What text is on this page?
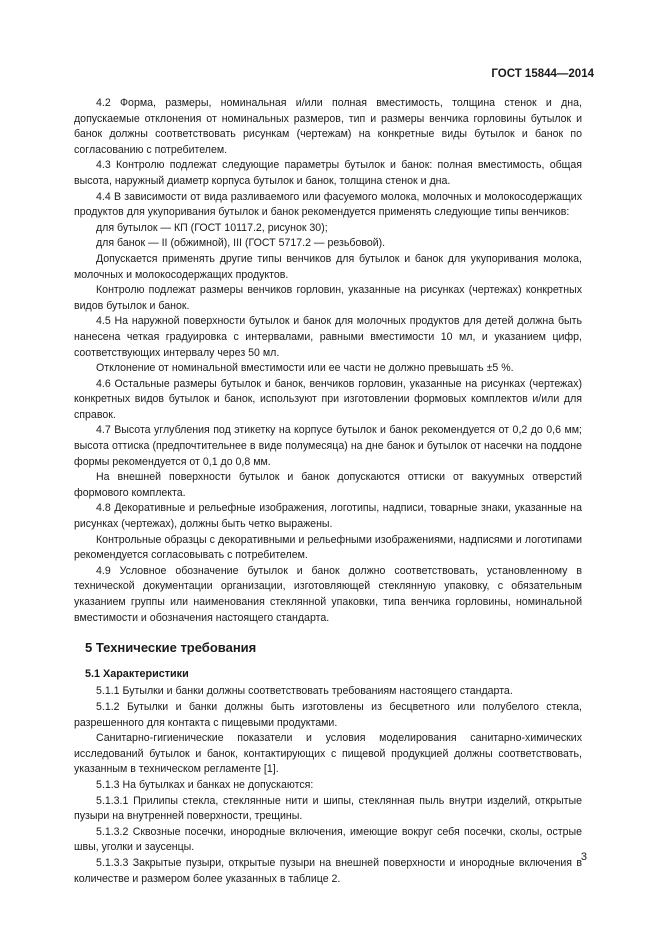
ГОСТ 15844—2014

4.2 Форма, размеры, номинальная и/или полная вместимость, толщина стенок и дна, допускаемые отклонения от номинальных размеров, тип и размеры венчика горловины бутылок и банок должны соответствовать рисункам (чертежам) на конкретные виды бутылок и банок по согласованию с потребителем.

4.3 Контролю подлежат следующие параметры бутылок и банок: полная вместимость, общая высота, наружный диаметр корпуса бутылок и банок, толщина стенок и дна.

4.4 В зависимости от вида разливаемого или фасуемого молока, молочных и молокосодержащих продуктов для укупоривания бутылок и банок рекомендуется применять следующие типы венчиков:

для бутылок — КП (ГОСТ 10117.2, рисунок 30);

для банок — II (обжимной), III (ГОСТ 5717.2 — резьбовой).

Допускается применять другие типы венчиков для бутылок и банок для укупоривания молока, молочных и молокосодержащих продуктов.

Контролю подлежат размеры венчиков горловин, указанные на рисунках (чертежах) конкретных видов бутылок и банок.

4.5 На наружной поверхности бутылок и банок для молочных продуктов для детей должна быть нанесена четкая градуировка с интервалами, равными вместимости 10 мл, и указанием цифр, соответствующих интервалу через 50 мл.

Отклонение от номинальной вместимости или ее части не должно превышать ±5 %.

4.6 Остальные размеры бутылок и банок, венчиков горловин, указанные на рисунках (чертежах) конкретных видов бутылок и банок, используют при изготовлении формовых комплектов и/или для справок.

4.7 Высота углубления под этикетку на корпусе бутылок и банок рекомендуется от 0,2 до 0,6 мм; высота оттиска (предпочтительнее в виде полумесяца) на дне банок и бутылок от насечки на поддоне формы рекомендуется от 0,1 до 0,8 мм.

На внешней поверхности бутылок и банок допускаются оттиски от вакуумных отверстий формового комплекта.

4.8 Декоративные и рельефные изображения, логотипы, надписи, товарные знаки, указанные на рисунках (чертежах), должны быть четко выражены.

Контрольные образцы с декоративными и рельефными изображениями, надписями и логотипами рекомендуется согласовывать с потребителем.

4.9 Условное обозначение бутылок и банок должно соответствовать, установленному в технической документации организации, изготовляющей стеклянную упаковку, с обязательным указанием группы или наименования стеклянной упаковки, типа венчика горловины, номинальной вместимости и обозначения настоящего стандарта.

5 Технические требования
5.1 Характеристики

5.1.1 Бутылки и банки должны соответствовать требованиям настоящего стандарта.

5.1.2 Бутылки и банки должны быть изготовлены из бесцветного или полубелого стекла, разрешенного для контакта с пищевыми продуктами.

Санитарно-гигиенические показатели и условия моделирования санитарно-химических исследований бутылок и банок, контактирующих с пищевой продукцией должны соответствовать, указанным в техническом регламенте [1].

5.1.3 На бутылках и банках не допускаются:

5.1.3.1 Прилипы стекла, стеклянные нити и шипы, стеклянная пыль внутри изделий, открытые пузыри на внутренней поверхности, трещины.

5.1.3.2 Сквозные посечки, инородные включения, имеющие вокруг себя посечки, сколы, острые швы, уголки и заусенцы.

5.1.3.3 Закрытые пузыри, открытые пузыри на внешней поверхности и инородные включения в количестве и размером более указанных в таблице 2.

3
